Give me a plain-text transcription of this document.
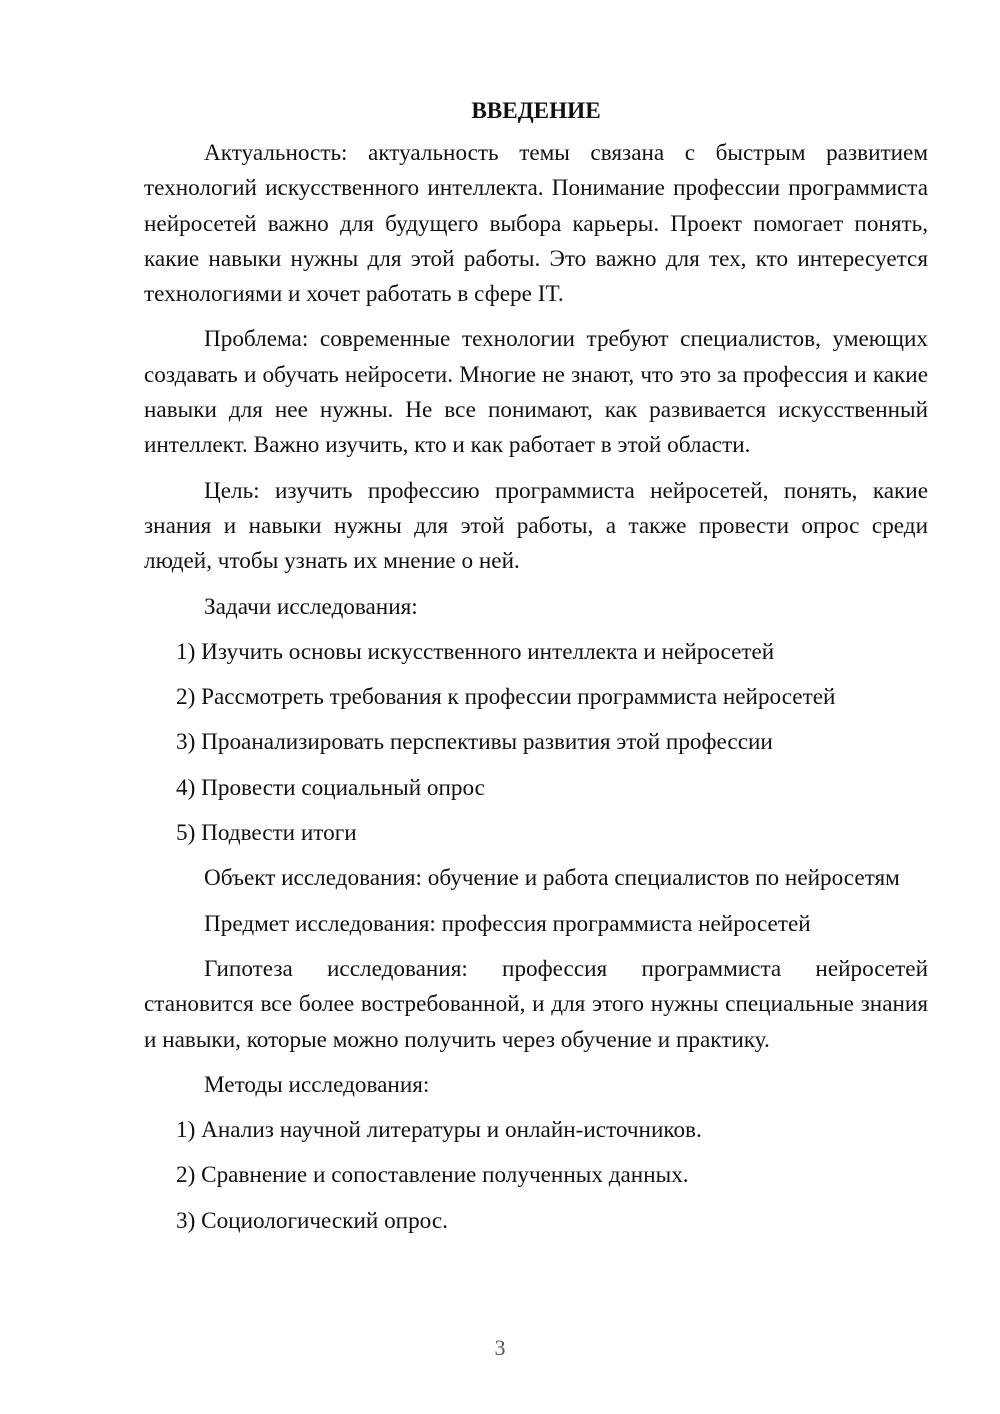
ВВЕДЕНИЕ

Актуальность: актуальность темы связана с быстрым развитием технологий искусственного интеллекта. Понимание профессии программиста нейросетей важно для будущего выбора карьеры. Проект помогает понять, какие навыки нужны для этой работы. Это важно для тех, кто интересуется технологиями и хочет работать в сфере IT.

Проблема: современные технологии требуют специалистов, умеющих создавать и обучать нейросети. Многие не знают, что это за профессия и какие навыки для нее нужны. Не все понимают, как развивается искусственный интеллект. Важно изучить, кто и как работает в этой области.

Цель: изучить профессию программиста нейросетей, понять, какие знания и навыки нужны для этой работы, а также провести опрос среди людей, чтобы узнать их мнение о ней.

Задачи исследования:

1) Изучить основы искусственного интеллекта и нейросетей
2) Рассмотреть требования к профессии программиста нейросетей
3) Проанализировать перспективы развития этой профессии
4) Провести социальный опрос
5) Подвести итоги

Объект исследования: обучение и работа специалистов по нейросетям

Предмет исследования: профессия программиста нейросетей

Гипотеза исследования: профессия программиста нейросетей становится все более востребованной, и для этого нужны специальные знания и навыки, которые можно получить через обучение и практику.

Методы исследования:

1) Анализ научной литературы и онлайн-источников.
2) Сравнение и сопоставление полученных данных.
3) Социологический опрос.
3
